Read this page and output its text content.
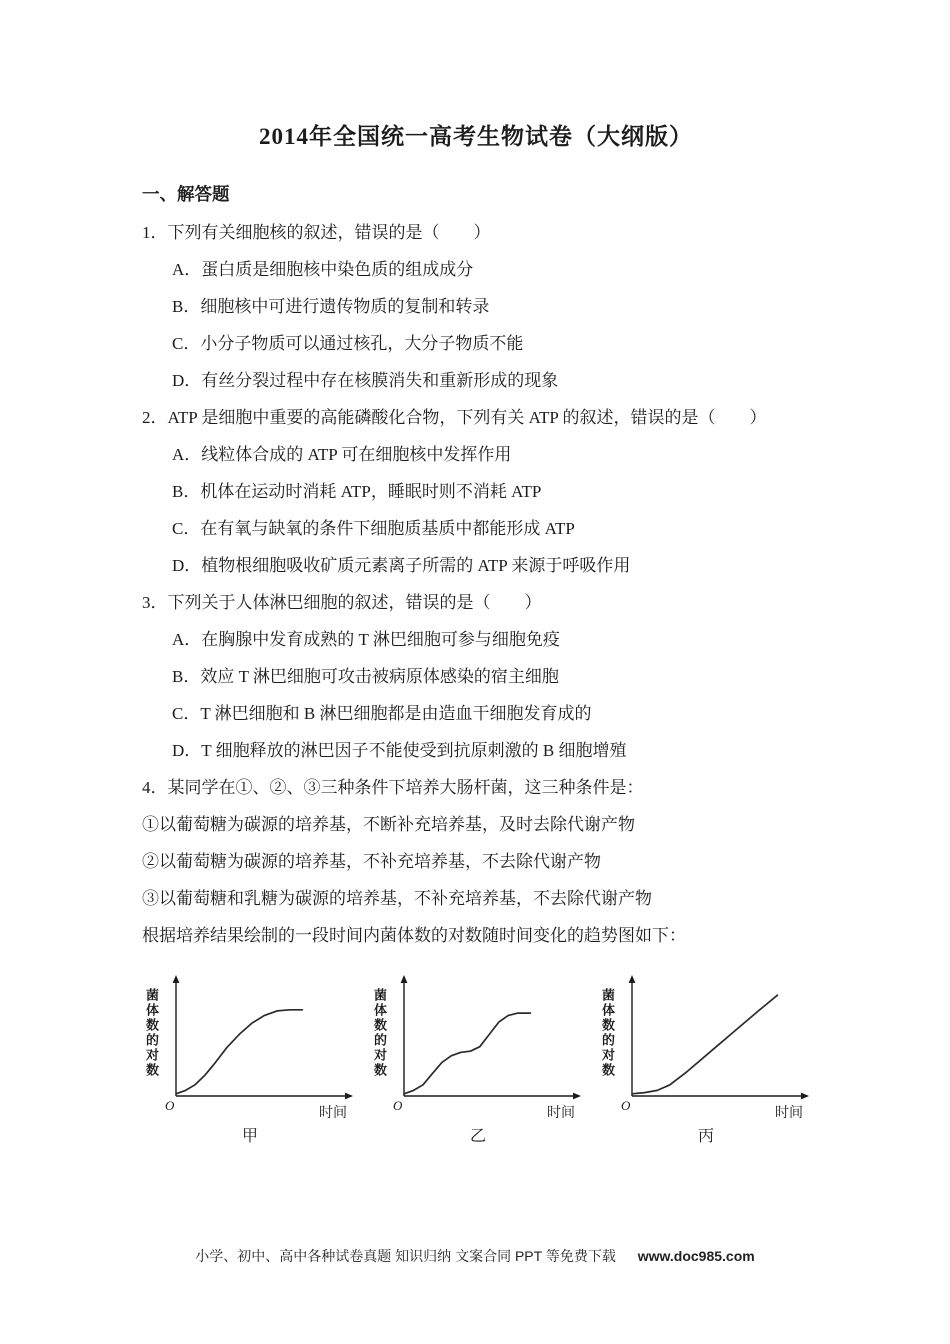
2014年全国统一高考生物试卷（大纲版）
一、解答题

1．下列有关细胞核的叙述，错误的是（　　）

A．蛋白质是细胞核中染色质的组成成分

B．细胞核中可进行遗传物质的复制和转录

C．小分子物质可以通过核孔，大分子物质不能

D．有丝分裂过程中存在核膜消失和重新形成的现象

2．ATP 是细胞中重要的高能磷酸化合物，下列有关 ATP 的叙述，错误的是（　　）

A．线粒体合成的 ATP 可在细胞核中发挥作用

B．机体在运动时消耗 ATP，睡眠时则不消耗 ATP

C．在有氧与缺氧的条件下细胞质基质中都能形成 ATP

D．植物根细胞吸收矿质元素离子所需的 ATP 来源于呼吸作用

3．下列关于人体淋巴细胞的叙述，错误的是（　　）

A．在胸腺中发育成熟的 T 淋巴细胞可参与细胞免疫

B．效应 T 淋巴细胞可攻击被病原体感染的宿主细胞

C．T 淋巴细胞和 B 淋巴细胞都是由造血干细胞发育成的

D．T 细胞释放的淋巴因子不能使受到抗原刺激的 B 细胞增殖

4．某同学在①、②、③三种条件下培养大肠杆菌，这三种条件是：

①以葡萄糖为碳源的培养基，不断补充培养基，及时去除代谢产物

②以葡萄糖为碳源的培养基，不补充培养基，不去除代谢产物

③以葡萄糖和乳糖为碳源的培养基，不补充培养基，不去除代谢产物

根据培养结果绘制的一段时间内菌体数的对数随时间变化的趋势图如下：

菌体数的对数
O	时间
甲
菌体数的对数
O	时间
乙
菌体数的对数
O	时间
丙
小学、初中、高中各种试卷真题 知识归纳 文案合同 PPT 等免费下载 www.doc985.com
